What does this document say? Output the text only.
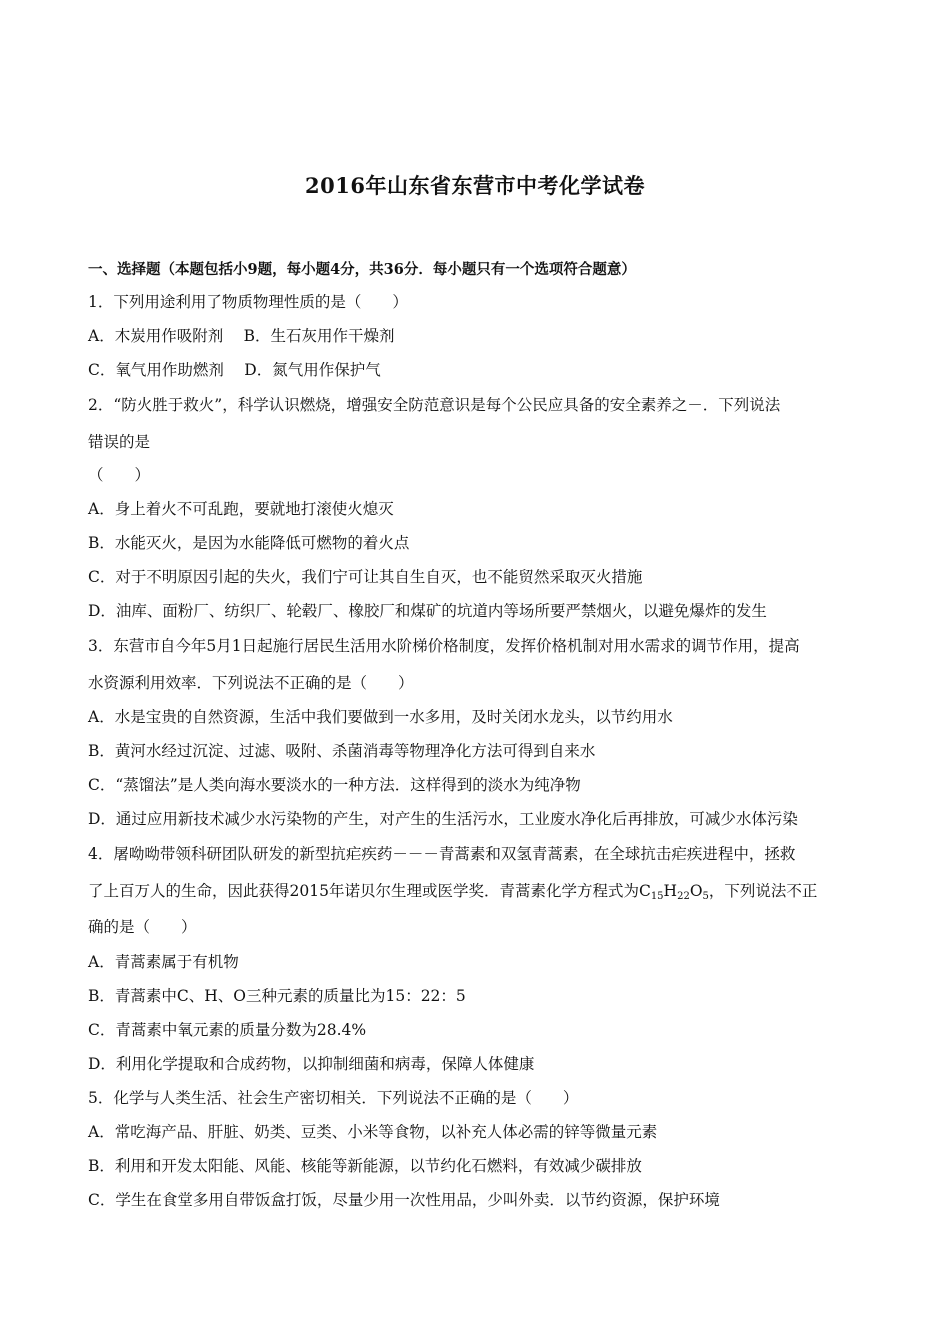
2016年山东省东营市中考化学试卷
一、选择题（本题包括小9题，每小题4分，共36分．每小题只有一个选项符合题意）
1．下列用途利用了物质物理性质的是（　　）
A．木炭用作吸附剂　 B．生石灰用作干燥剂
C．氧气用作助燃剂　 D．氮气用作保护气
2．“防火胜于救火”，科学认识燃烧，增强安全防范意识是每个公民应具备的安全素养之－．下列说法
错误的是
（　　）
A．身上着火不可乱跑，要就地打滚使火熄灭
B．水能灭火，是因为水能降低可燃物的着火点
C．对于不明原因引起的失火，我们宁可让其自生自灭，也不能贸然采取灭火措施
D．油库、面粉厂、纺织厂、轮毂厂、橡胶厂和煤矿的坑道内等场所要严禁烟火，以避免爆炸的发生
3．东营市自今年5月1日起施行居民生活用水阶梯价格制度，发挥价格机制对用水需求的调节作用，提高
水资源利用效率．下列说法不正确的是（　　）
A．水是宝贵的自然资源，生活中我们要做到一水多用，及时关闭水龙头，以节约用水
B．黄河水经过沉淀、过滤、吸附、杀菌消毒等物理净化方法可得到自来水
C．“蒸馏法”是人类向海水要淡水的一种方法．这样得到的淡水为纯净物
D．通过应用新技术减少水污染物的产生，对产生的生活污水，工业废水净化后再排放，可减少水体污染
4．屠呦呦带领科研团队研发的新型抗疟疾药－－－青蒿素和双氢青蒿素，在全球抗击疟疾进程中，拯救
了上百万人的生命，因此获得2015年诺贝尔生理或医学奖．青蒿素化学方程式为$C_{15}H_{22}O_5$，下列说法不正
确的是（　　）
A．青蒿素属于有机物
B．青蒿素中C、H、O三种元素的质量比为15：22：5
C．青蒿素中氧元素的质量分数为28.4%
D．利用化学提取和合成药物，以抑制细菌和病毒，保障人体健康
5．化学与人类生活、社会生产密切相关．下列说法不正确的是（　　）
A．常吃海产品、肝脏、奶类、豆类、小米等食物，以补充人体必需的锌等微量元素
B．利用和开发太阳能、风能、核能等新能源，以节约化石燃料，有效减少碳排放
C．学生在食堂多用自带饭盒打饭，尽量少用一次性用品，少叫外卖．以节约资源，保护环境
